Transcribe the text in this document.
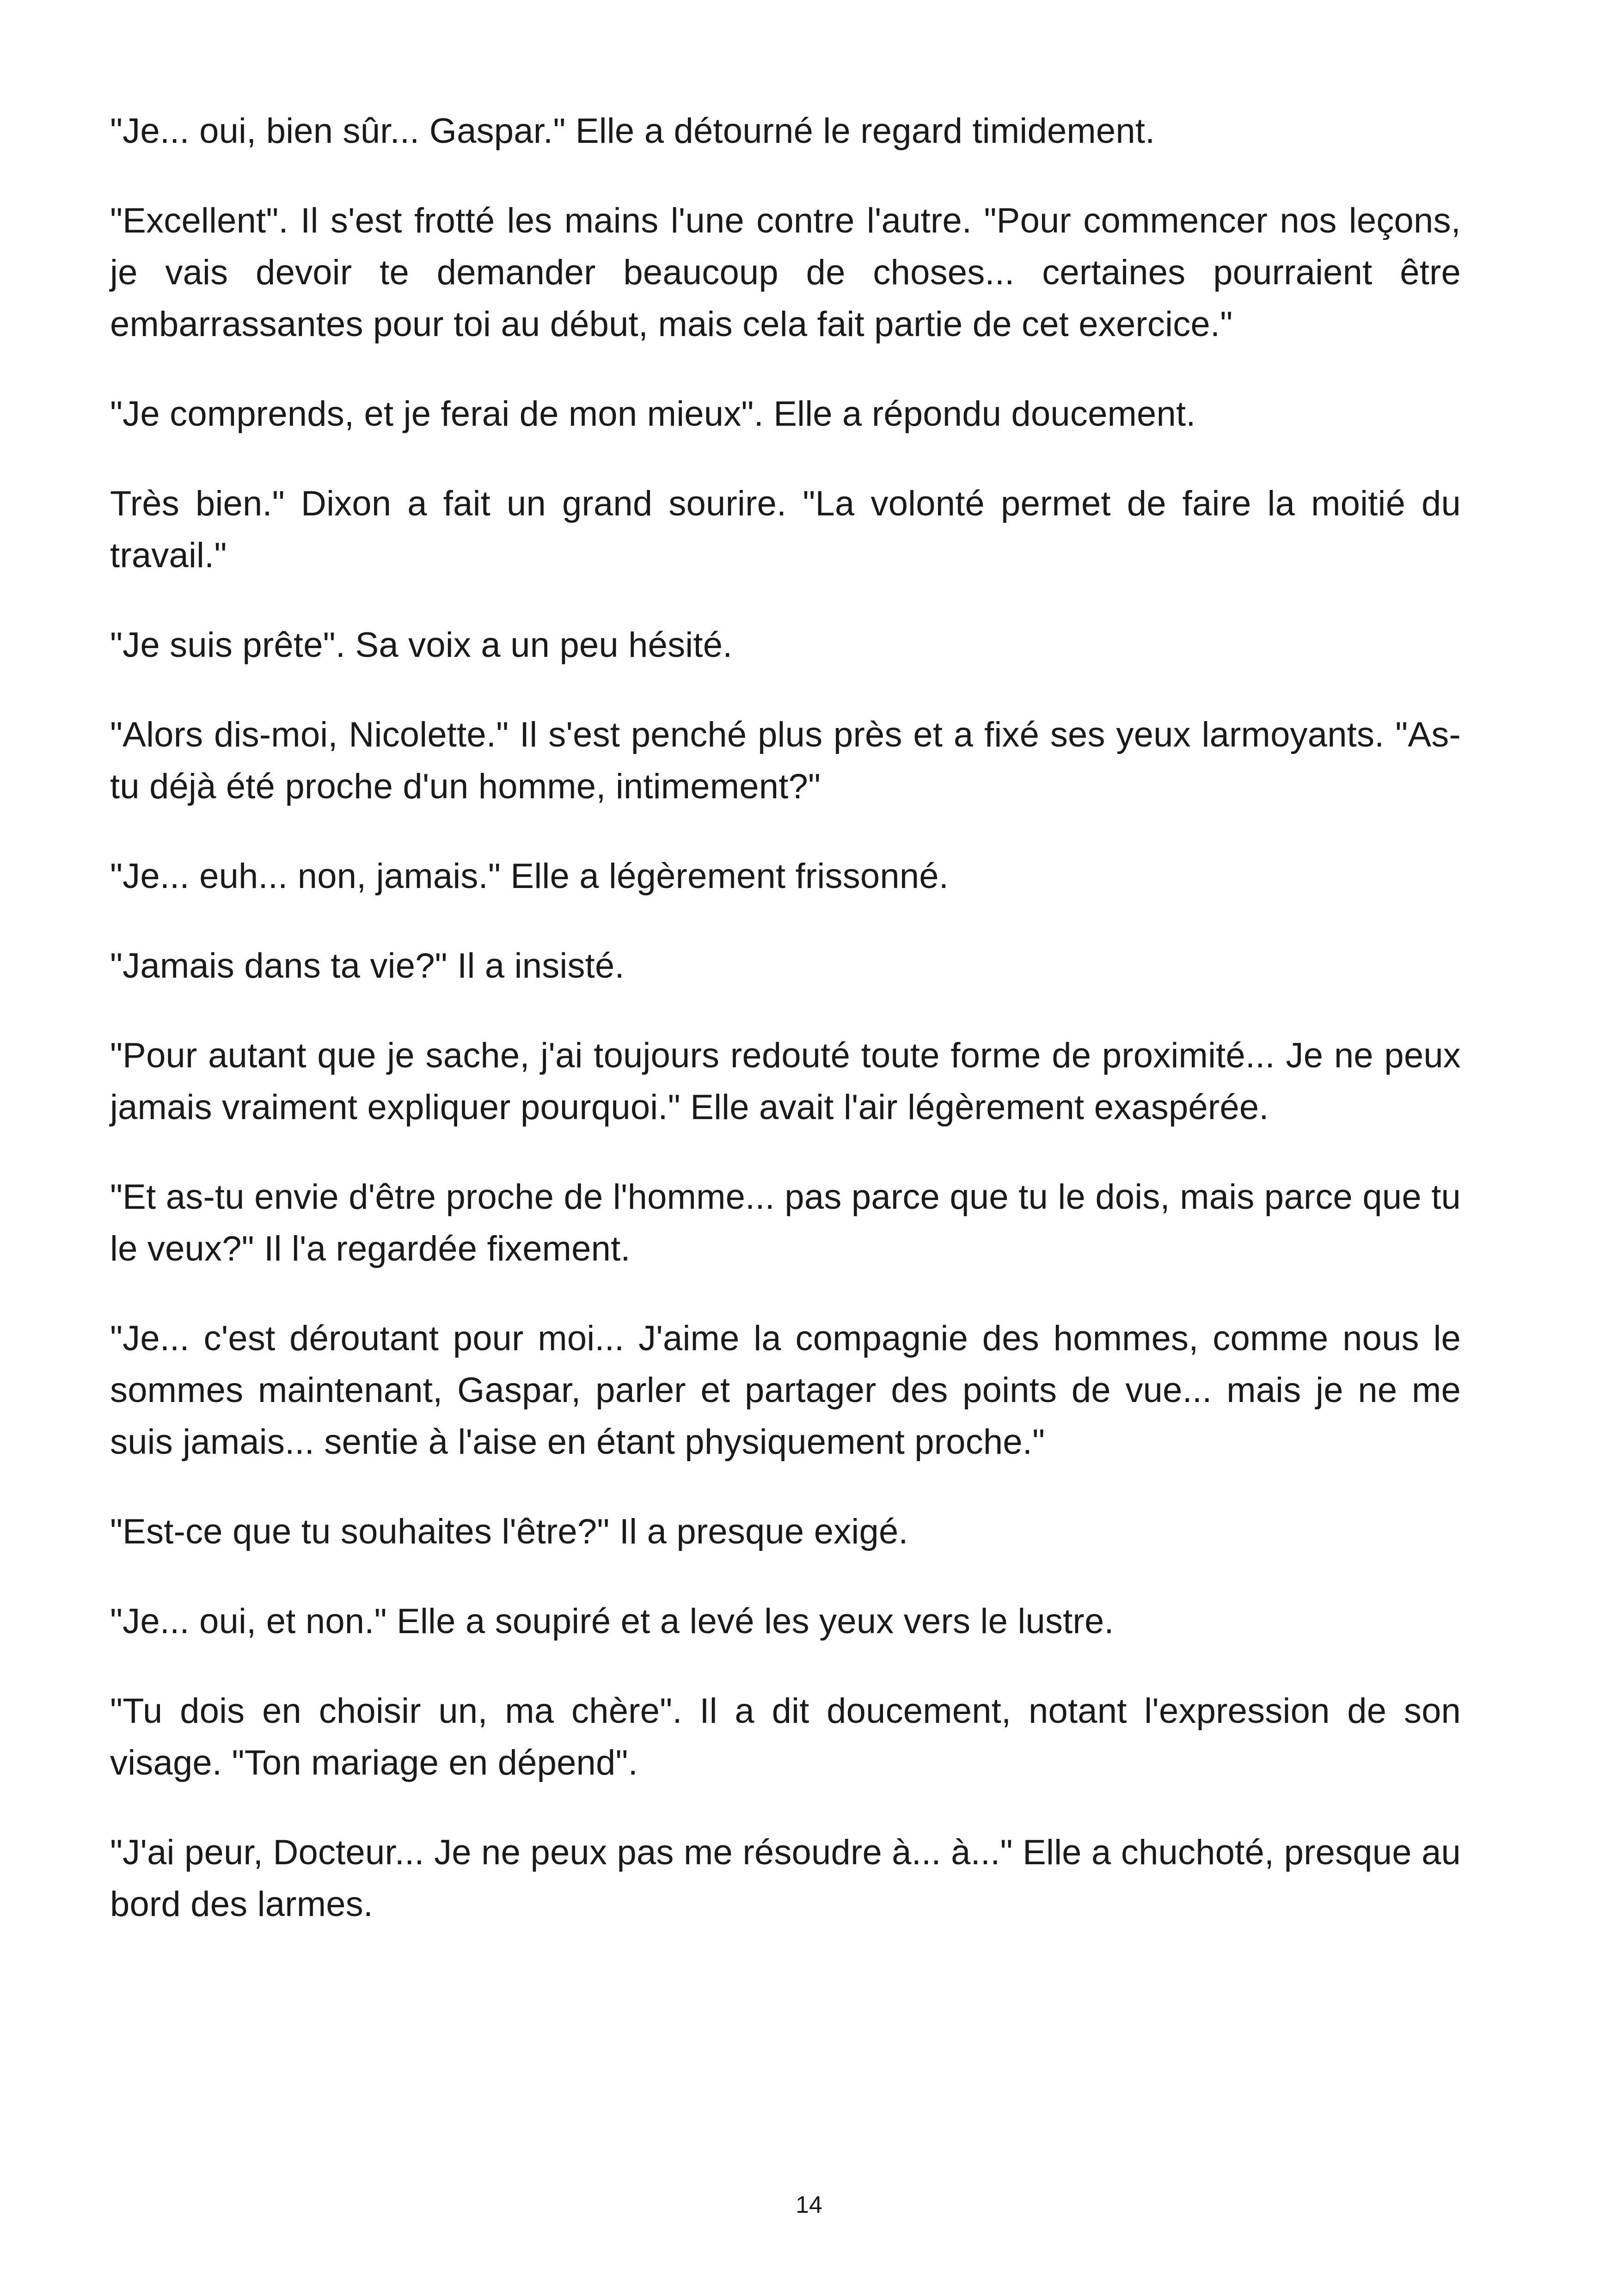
"Je... oui, bien sûr... Gaspar." Elle a détourné le regard timidement.

"Excellent". Il s'est frotté les mains l'une contre l'autre. "Pour commencer nos leçons, je vais devoir te demander beaucoup de choses... certaines pourraient être embarrassantes pour toi au début, mais cela fait partie de cet exercice."

"Je comprends, et je ferai de mon mieux". Elle a répondu doucement.

Très bien." Dixon a fait un grand sourire. "La volonté permet de faire la moitié du travail."

"Je suis prête". Sa voix a un peu hésité.

"Alors dis-moi, Nicolette." Il s'est penché plus près et a fixé ses yeux larmoyants. "As-tu déjà été proche d'un homme, intimement?"

"Je... euh... non, jamais." Elle a légèrement frissonné.

"Jamais dans ta vie?" Il a insisté.

"Pour autant que je sache, j'ai toujours redouté toute forme de proximité... Je ne peux jamais vraiment expliquer pourquoi." Elle avait l'air légèrement exaspérée.

"Et as-tu envie d'être proche de l'homme... pas parce que tu le dois, mais parce que tu le veux?" Il l'a regardée fixement.

"Je... c'est déroutant pour moi... J'aime la compagnie des hommes, comme nous le sommes maintenant, Gaspar, parler et partager des points de vue... mais je ne me suis jamais... sentie à l'aise en étant physiquement proche."

"Est-ce que tu souhaites l'être?" Il a presque exigé.

"Je... oui, et non." Elle a soupiré et a levé les yeux vers le lustre.

"Tu dois en choisir un, ma chère". Il a dit doucement, notant l'expression de son visage. "Ton mariage en dépend".

"J'ai peur, Docteur... Je ne peux pas me résoudre à... à..." Elle a chuchoté, presque au bord des larmes.

14
